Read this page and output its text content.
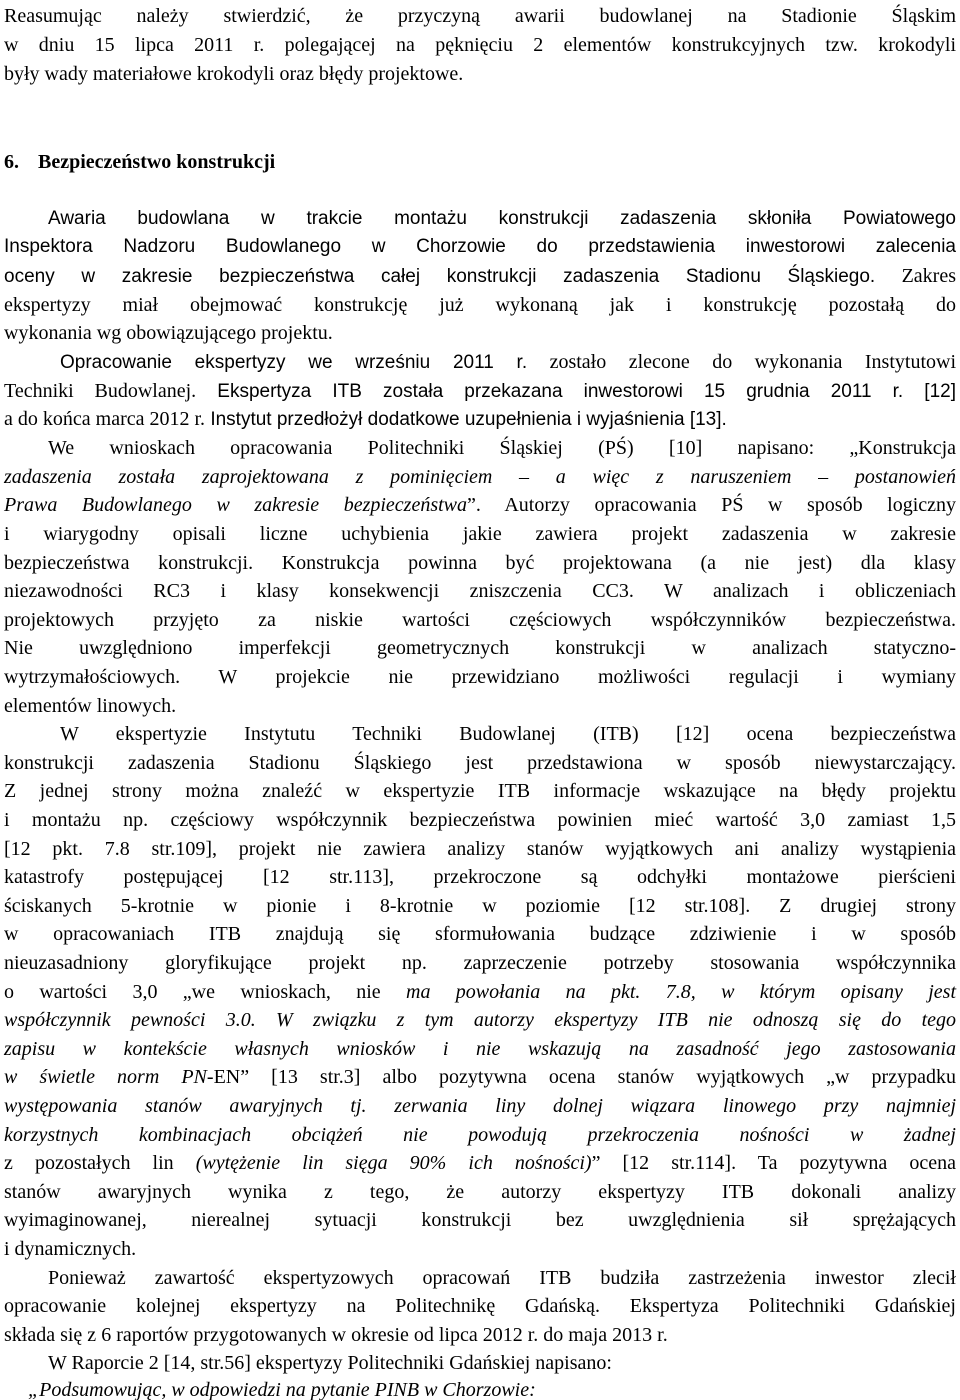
Reasumując należy stwierdzić, że przyczyną awarii budowlanej na Stadionie Śląskim
w dniu 15 lipca 2011 r. polegającej na pęknięciu 2 elementów konstrukcyjnych tzw. krokodyli
były wady materiałowe krokodyli oraz błędy projektowe.
6. Bezpieczeństwo konstrukcji
Awaria budowlana w trakcie montażu konstrukcji zadaszenia skłoniła Powiatowego
Inspektora Nadzoru Budowlanego w Chorzowie do przedstawienia inwestorowi zalecenia
oceny w zakresie bezpieczeństwa całej konstrukcji zadaszenia Stadionu Śląskiego. Zakres
ekspertyzy miał obejmować konstrukcję już wykonaną jak i konstrukcję pozostałą do
wykonania wg obowiązującego projektu.
Opracowanie ekspertyzy we wrześniu 2011 r. zostało zlecone do wykonania Instytutowi
Techniki Budowlanej. Ekspertyza ITB została przekazana inwestorowi 15 grudnia 2011 r. [12]
a do końca marca 2012 r. Instytut przedłożył dodatkowe uzupełnienia i wyjaśnienia [13].
We wnioskach opracowania Politechniki Śląskiej (PŚ) [10] napisano: „Konstrukcja
zadaszenia została zaprojektowana z pominięciem – a więc z naruszeniem – postanowień
Prawa Budowlanego w zakresie bezpieczeństwa”. Autorzy opracowania PŚ w sposób logiczny
i wiarygodny opisali liczne uchybienia jakie zawiera projekt zadaszenia w zakresie
bezpieczeństwa konstrukcji. Konstrukcja powinna być projektowana (a nie jest) dla klasy
niezawodności RC3 i klasy konsekwencji zniszczenia CC3. W analizach i obliczeniach
projektowych przyjęto za niskie wartości częściowych współczynników bezpieczeństwa.
Nie uwzględniono imperfekcji geometrycznych konstrukcji w analizach statyczno-
wytrzymałościowych. W projekcie nie przewidziano możliwości regulacji i wymiany
elementów linowych.
W ekspertyzie Instytutu Techniki Budowlanej (ITB) [12] ocena bezpieczeństwa
konstrukcji zadaszenia Stadionu Śląskiego jest przedstawiona w sposób niewystarczający.
Z jednej strony można znaleźć w ekspertyzie ITB informacje wskazujące na błędy projektu
i montażu np. częściowy współczynnik bezpieczeństwa powinien mieć wartość 3,0 zamiast 1,5
[12 pkt. 7.8 str.109], projekt nie zawiera analizy stanów wyjątkowych ani analizy wystąpienia
katastrofy postępującej [12 str.113], przekroczone są odchyłki montażowe pierścieni
ściskanych 5-krotnie w pionie i 8-krotnie w poziomie [12 str.108]. Z drugiej strony
w opracowaniach ITB znajdują się sformułowania budzące zdziwienie i w sposób
nieuzasadniony gloryfikujące projekt np. zaprzeczenie potrzeby stosowania współczynnika
o wartości 3,0 „we wnioskach, nie ma powołania na pkt. 7.8, w którym opisany jest
współczynnik pewności 3.0. W związku z tym autorzy ekspertyzy ITB nie odnoszą się do tego
zapisu w kontekście własnych wniosków i nie wskazują na zasadność jego zastosowania
w świetle norm PN-EN” [13 str.3] albo pozytywna ocena stanów wyjątkowych „w przypadku
występowania stanów awaryjnych tj. zerwania liny dolnej wiązara linowego przy najmniej
korzystnych kombinacjach obciążeń nie powodują przekroczenia nośności w żadnej
z pozostałych lin (wytężenie lin sięga 90% ich nośności)” [12 str.114]. Ta pozytywna ocena
stanów awaryjnych wynika z tego, że autorzy ekspertyzy ITB dokonali analizy
wyimaginowanej, nierealnej sytuacji konstrukcji bez uwzględnienia sił sprężających
i dynamicznych.
Ponieważ zawartość ekspertyzowych opracowań ITB budziła zastrzeżenia inwestor zlecił
opracowanie kolejnej ekspertyzy na Politechnikę Gdańską. Ekspertyza Politechniki Gdańskiej
składa się z 6 raportów przygotowanych w okresie od lipca 2012 r. do maja 2013 r.
W Raporcie 2 [14, str.56] ekspertyzy Politechniki Gdańskiej napisano:
„Podsumowując, w odpowiedzi na pytanie PINB w Chorzowie:
